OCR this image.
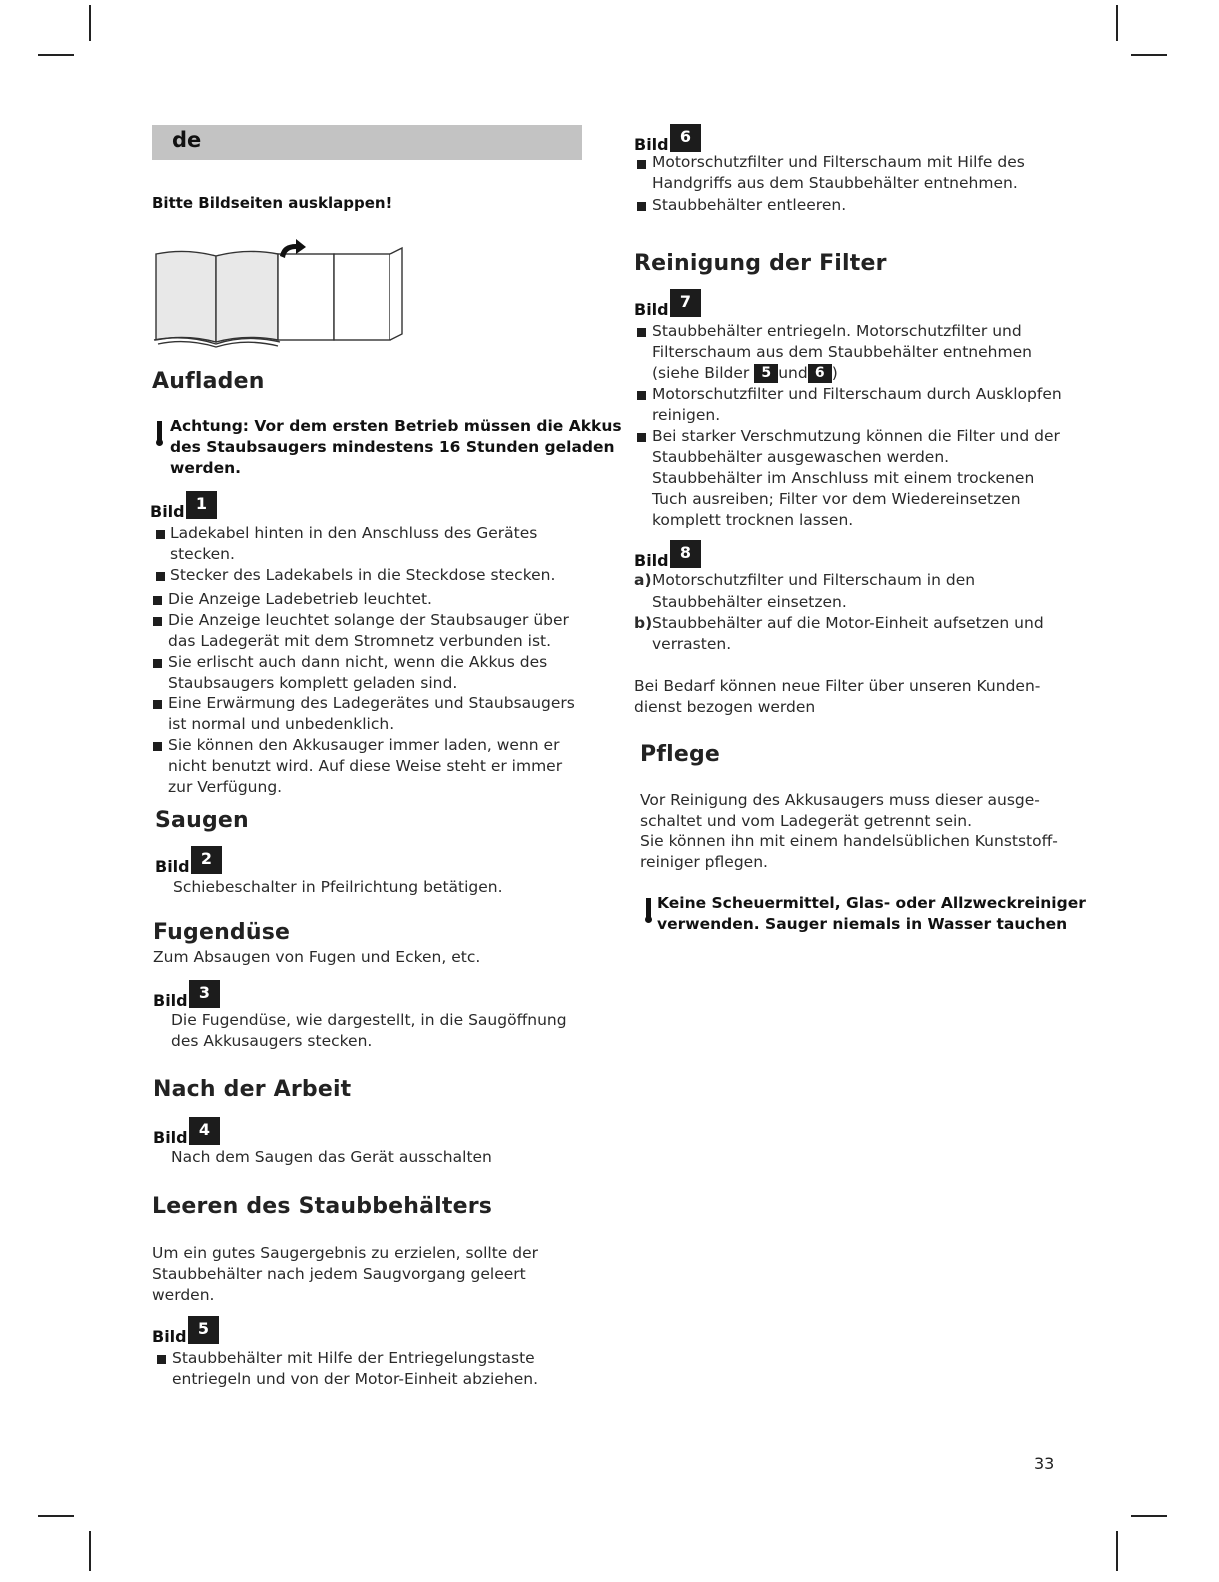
de
Bitte Bildseiten ausklappen!
Aufladen
Achtung: Vor dem ersten Betrieb müssen die Akkus
des Staubsaugers mindestens 16 Stunden geladen
werden.
Bild 1
Ladekabel hinten in den Anschluss des Gerätes
stecken.
Stecker des Ladekabels in die Steckdose stecken.
Die Anzeige Ladebetrieb leuchtet.
Die Anzeige leuchtet solange der Staubsauger über
das Ladegerät mit dem Stromnetz verbunden ist.
Sie erlischt auch dann nicht, wenn die Akkus des
Staubsaugers komplett geladen sind.
Eine Erwärmung des Ladegerätes und Staubsaugers
ist normal und unbedenklich.
Sie können den Akkusauger immer laden, wenn er
nicht benutzt wird. Auf diese Weise steht er immer
zur Verfügung.
Saugen
Bild 2
Schiebeschalter in Pfeilrichtung betätigen.
Fugendüse
Zum Absaugen von Fugen und Ecken, etc.
Bild 3
Die Fugendüse, wie dargestellt, in die Saugöffnung
des Akkusaugers stecken.
Nach der Arbeit
Bild 4
Nach dem Saugen das Gerät ausschalten
Leeren des Staubbehälters
Um ein gutes Saugergebnis zu erzielen, sollte der
Staubbehälter nach jedem Saugvorgang geleert
werden.
Bild 5
Staubbehälter mit Hilfe der Entriegelungstaste
entriegeln und von der Motor-Einheit abziehen.
Bild 6
Motorschutzfilter und Filterschaum mit Hilfe des
Handgriffs aus dem Staubbehälter entnehmen.
Staubbehälter entleeren.
Reinigung der Filter
Bild 7
Staubbehälter entriegeln. Motorschutzfilter und
Filterschaum aus dem Staubbehälter entnehmen
(siehe Bilder 5 und 6 )
Motorschutzfilter und Filterschaum durch Ausklopfen
reinigen.
Bei starker Verschmutzung können die Filter und der
Staubbehälter ausgewaschen werden.
Staubbehälter im Anschluss mit einem trockenen
Tuch ausreiben; Filter vor dem Wiedereinsetzen
komplett trocknen lassen.
Bild 8
a) Motorschutzfilter und Filterschaum in den
Staubbehälter einsetzen.
b) Staubbehälter auf die Motor-Einheit aufsetzen und
verrasten.
Bei Bedarf können neue Filter über unseren Kunden-
dienst bezogen werden
Pflege
Vor Reinigung des Akkusaugers muss dieser ausge-
schaltet und vom Ladegerät getrennt sein.
Sie können ihn mit einem handelsüblichen Kunststoff-
reiniger pflegen.
Keine Scheuermittel, Glas- oder Allzweckreiniger
verwenden. Sauger niemals in Wasser tauchen
33
